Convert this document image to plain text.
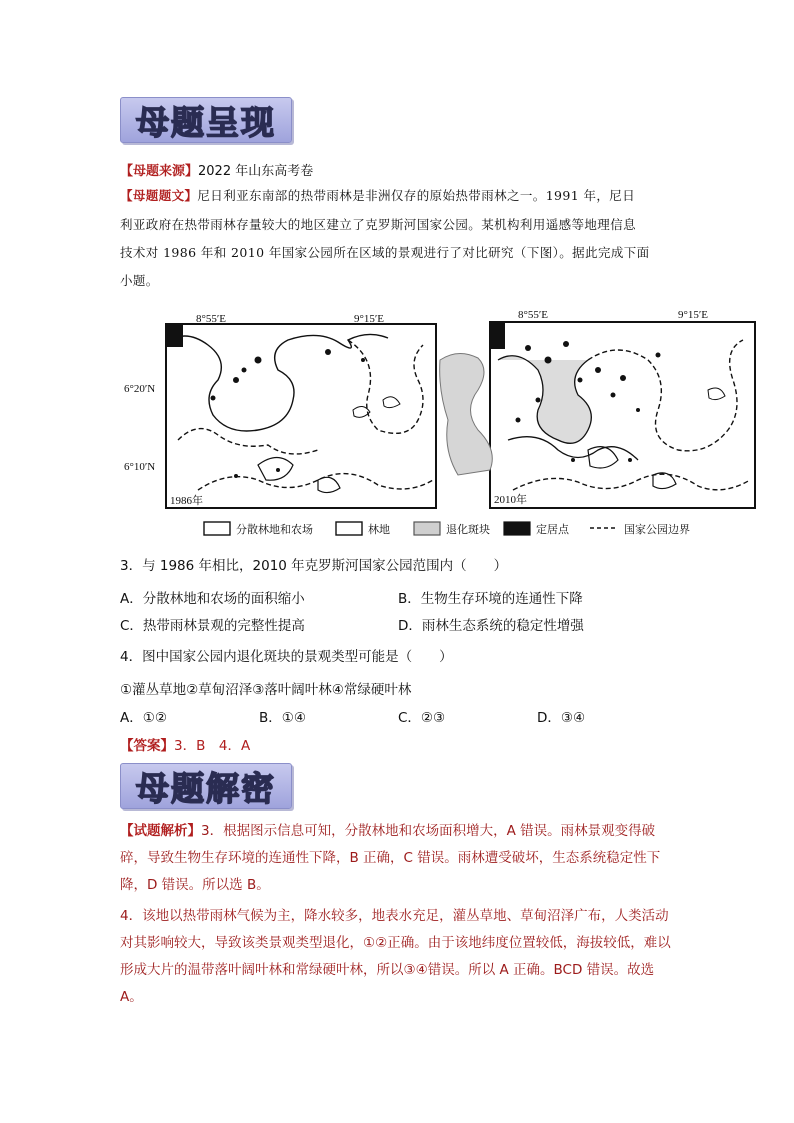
母题呈现
【母题来源】2022 年山东高考卷
【母题题文】尼日利亚东南部的热带雨林是非洲仅存的原始热带雨林之一。1991 年，尼日
利亚政府在热带雨林存量较大的地区建立了克罗斯河国家公园。某机构利用遥感等地理信息
技术对 1986 年和 2010 年国家公园所在区域的景观进行了对比研究（下图）。据此完成下面
小题。
8°55′E	9°15′E
6°20′N
6°10′N
1986年
8°55′E	9°15′E
2010年
分散林地和农场	林地	退化斑块	定居点	国家公园边界
3．与 1986 年相比，2010 年克罗斯河国家公园范围内（　　）
A．分散林地和农场的面积缩小	B．生物生存环境的连通性下降
C．热带雨林景观的完整性提高	D．雨林生态系统的稳定性增强
4．图中国家公园内退化斑块的景观类型可能是（　　）
①灌丛草地②草甸沼泽③落叶阔叶林④常绿硬叶林
A．①②	B．①④	C．②③	D．③④
【答案】3．B　4．A
母题解密

【试题解析】3．根据图示信息可知，分散林地和农场面积增大，A 错误。雨林景观变得破碎，导致生物生存环境的连通性下降，B 正确，C 错误。雨林遭受破坏，生态系统稳定性下降，D 错误。所以选 B。

4．该地以热带雨林气候为主，降水较多，地表水充足，灌丛草地、草甸沼泽广布，人类活动对其影响较大，导致该类景观类型退化，①②正确。由于该地纬度位置较低，海拔较低，难以形成大片的温带落叶阔叶林和常绿硬叶林，所以③④错误。所以 A 正确。BCD 错误。故选 A。
